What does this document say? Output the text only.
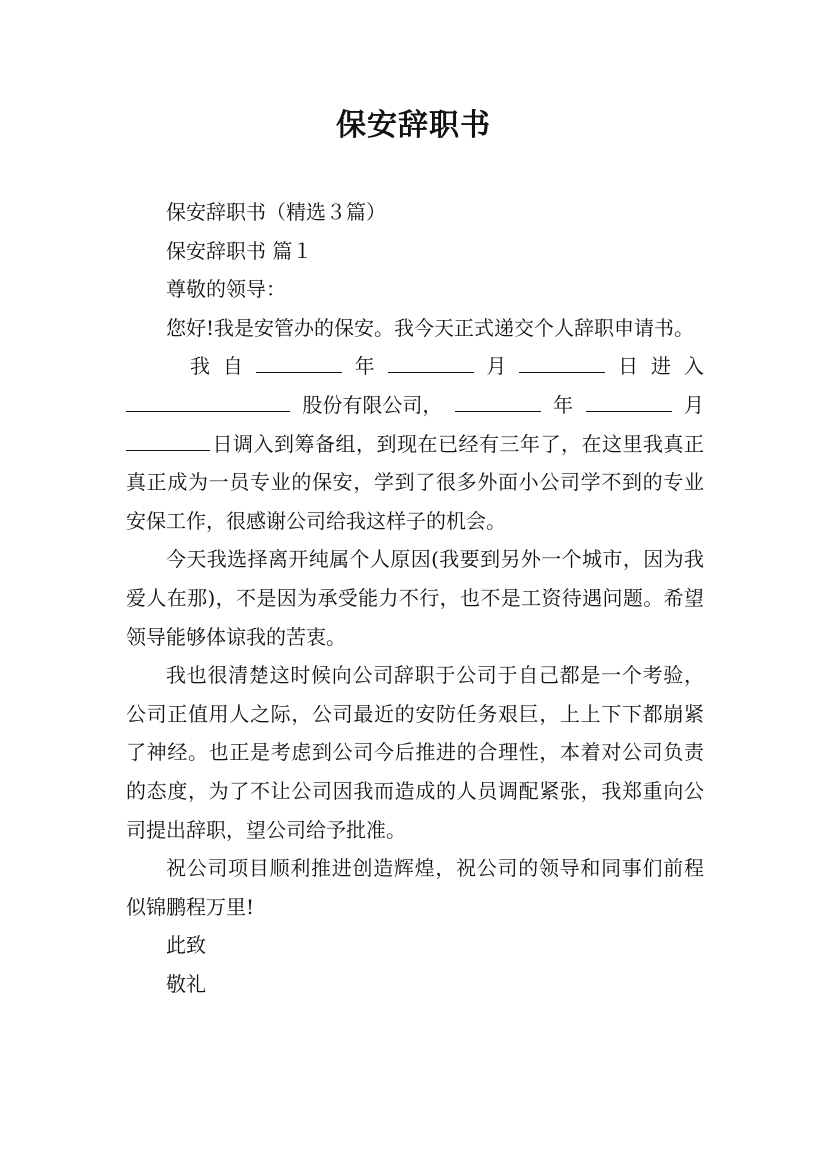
保安辞职书

保安辞职书（精选３篇）

保安辞职书 篇１

尊敬的领导：

您好!我是安管办的保安。我今天正式递交个人辞职申请书。

我 自	年	月	日 进 入
股份有限公司，	年	月

日调入到筹备组，到现在已经有三年了，在这里我真正真正成为一员专业的保安，学到了很多外面小公司学不到的专业安保工作，很感谢公司给我这样子的机会。

今天我选择离开纯属个人原因(我要到另外一个城市，因为我爱人在那)，不是因为承受能力不行，也不是工资待遇问题。希望领导能够体谅我的苦衷。

我也很清楚这时候向公司辞职于公司于自己都是一个考验，公司正值用人之际，公司最近的安防任务艰巨，上上下下都崩紧了神经。也正是考虑到公司今后推进的合理性，本着对公司负责的态度，为了不让公司因我而造成的人员调配紧张，我郑重向公司提出辞职，望公司给予批准。

祝公司项目顺利推进创造辉煌，祝公司的领导和同事们前程似锦鹏程万里!

此致

敬礼
